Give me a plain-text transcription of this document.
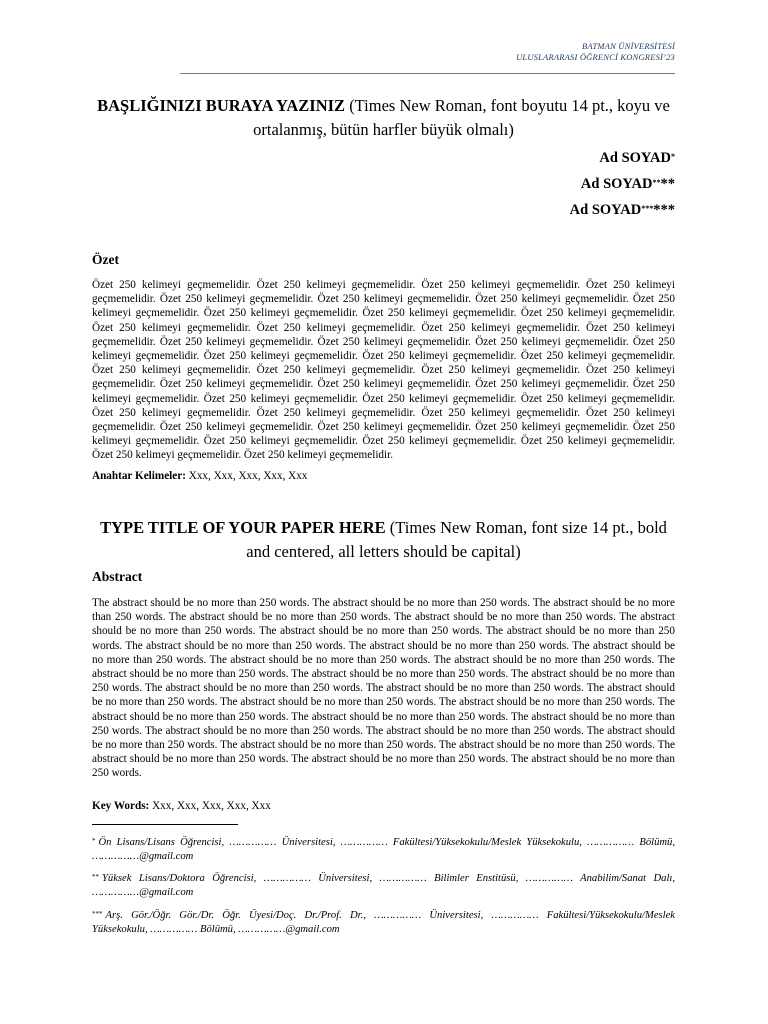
BATMAN ÜNİVERSİTESİ
ULUSLARARASI ÖĞRENCİ KONGRESİ’23
BAŞLIĞINIZI BURAYA YAZINIZ (Times New Roman, font boyutu 14 pt., koyu ve ortalanmış, bütün harfler büyük olmalı)
Ad SOYAD*
Ad SOYAD****
Ad SOYAD******
Özet
Özet 250 kelimeyi geçmemelidir. Özet 250 kelimeyi geçmemelidir. Özet 250 kelimeyi geçmemelidir. Özet 250 kelimeyi geçmemelidir. Özet 250 kelimeyi geçmemelidir. Özet 250 kelimeyi geçmemelidir. Özet 250 kelimeyi geçmemelidir. Özet 250 kelimeyi geçmemelidir. Özet 250 kelimeyi geçmemelidir. Özet 250 kelimeyi geçmemelidir. Özet 250 kelimeyi geçmemelidir. Özet 250 kelimeyi geçmemelidir. Özet 250 kelimeyi geçmemelidir. Özet 250 kelimeyi geçmemelidir. Özet 250 kelimeyi geçmemelidir. Özet 250 kelimeyi geçmemelidir. Özet 250 kelimeyi geçmemelidir. Özet 250 kelimeyi geçmemelidir. Özet 250 kelimeyi geçmemelidir. Özet 250 kelimeyi geçmemelidir. Özet 250 kelimeyi geçmemelidir. Özet 250 kelimeyi geçmemelidir. Özet 250 kelimeyi geçmemelidir. Özet 250 kelimeyi geçmemelidir. Özet 250 kelimeyi geçmemelidir. Özet 250 kelimeyi geçmemelidir. Özet 250 kelimeyi geçmemelidir. Özet 250 kelimeyi geçmemelidir. Özet 250 kelimeyi geçmemelidir. Özet 250 kelimeyi geçmemelidir. Özet 250 kelimeyi geçmemelidir. Özet 250 kelimeyi geçmemelidir. Özet 250 kelimeyi geçmemelidir. Özet 250 kelimeyi geçmemelidir. Özet 250 kelimeyi geçmemelidir. Özet 250 kelimeyi geçmemelidir. Özet 250 kelimeyi geçmemelidir. Özet 250 kelimeyi geçmemelidir. Özet 250 kelimeyi geçmemelidir. Özet 250 kelimeyi geçmemelidir. Özet 250 kelimeyi geçmemelidir. Özet 250 kelimeyi geçmemelidir. Özet 250 kelimeyi geçmemelidir. Özet 250 kelimeyi geçmemelidir. Özet 250 kelimeyi geçmemelidir. Özet 250 kelimeyi geçmemelidir.
Anahtar Kelimeler: Xxx, Xxx, Xxx, Xxx, Xxx
TYPE TITLE OF YOUR PAPER HERE (Times New Roman, font size 14 pt., bold and centered, all letters should be capital)
Abstract
The abstract should be no more than 250 words. The abstract should be no more than 250 words. The abstract should be no more than 250 words. The abstract should be no more than 250 words. The abstract should be no more than 250 words. The abstract should be no more than 250 words. The abstract should be no more than 250 words. The abstract should be no more than 250 words. The abstract should be no more than 250 words. The abstract should be no more than 250 words. The abstract should be no more than 250 words. The abstract should be no more than 250 words. The abstract should be no more than 250 words. The abstract should be no more than 250 words. The abstract should be no more than 250 words. The abstract should be no more than 250 words. The abstract should be no more than 250 words. The abstract should be no more than 250 words. The abstract should be no more than 250 words. The abstract should be no more than 250 words. The abstract should be no more than 250 words. The abstract should be no more than 250 words. The abstract should be no more than 250 words. The abstract should be no more than 250 words. The abstract should be no more than 250 words. The abstract should be no more than 250 words. The abstract should be no more than 250 words. The abstract should be no more than 250 words. The abstract should be no more than 250 words. The abstract should be no more than 250 words. The abstract should be no more than 250 words. The abstract should be no more than 250 words.
Key Words: Xxx, Xxx, Xxx, Xxx, Xxx
* Ön Lisans/Lisans Öğrencisi, …………… Üniversitesi, …………… Fakültesi/Yüksekokulu/Meslek Yüksekokulu, …………… Bölümü, ……………@gmail.com
** Yüksek Lisans/Doktora Öğrencisi, …………… Üniversitesi, …………… Bilimler Enstitüsü, …………… Anabilim/Sanat Dalı, ……………@gmail.com
*** Arş. Gör./Öğr. Gör./Dr. Öğr. Üyesi/Doç. Dr./Prof. Dr., …………… Üniversitesi, …………… Fakültesi/Yüksekokulu/Meslek Yüksekokulu, …………… Bölümü, ……………@gmail.com
